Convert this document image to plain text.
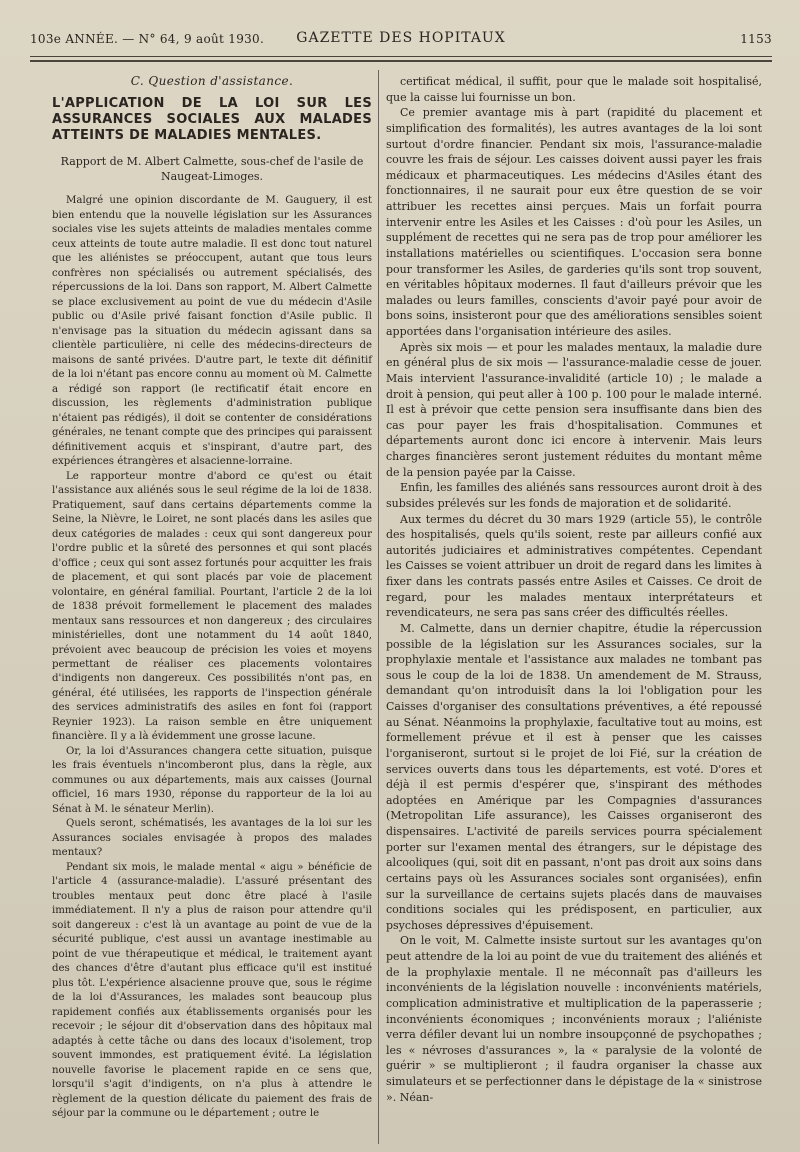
103e ANNÉE. — N° 64, 9 août 1930.	GAZETTE DES HOPITAUX	1153
C. Question d'assistance.
L'APPLICATION DE LA LOI SUR LES ASSURANCES SOCIALES AUX MALADES ATTEINTS DE MALADIES MENTALES.
Rapport de M. Albert Calmette, sous-chef de l'asile de Naugeat-Limoges.

Malgré une opinion discordante de M. Gauguery, il est bien entendu que la nouvelle législation sur les Assurances sociales vise les sujets atteints de maladies mentales comme ceux atteints de toute autre maladie. Il est donc tout naturel que les aliénistes se préoccupent, autant que tous leurs confrères non spécialisés ou autrement spécialisés, des répercussions de la loi. Dans son rapport, M. Albert Calmette se place exclusivement au point de vue du médecin d'Asile public ou d'Asile privé faisant fonction d'Asile public. Il n'envisage pas la situation du médecin agissant dans sa clientèle particulière, ni celle des médecins-directeurs de maisons de santé privées. D'autre part, le texte dit définitif de la loi n'étant pas encore connu au moment où M. Calmette a rédigé son rapport (le rectificatif était encore en discussion, les règlements d'administration publique n'étaient pas rédigés), il doit se contenter de considérations générales, ne tenant compte que des principes qui paraissent définitivement acquis et s'inspirant, d'autre part, des expériences étrangères et alsacienne-lorraine.

Le rapporteur montre d'abord ce qu'est ou était l'assistance aux aliénés sous le seul régime de la loi de 1838. Pratiquement, sauf dans certains départements comme la Seine, la Nièvre, le Loiret, ne sont placés dans les asiles que deux catégories de malades : ceux qui sont dangereux pour l'ordre public et la sûreté des personnes et qui sont placés d'office ; ceux qui sont assez fortunés pour acquitter les frais de placement, et qui sont placés par voie de placement volontaire, en général familial. Pourtant, l'article 2 de la loi de 1838 prévoit formellement le placement des malades mentaux sans ressources et non dangereux ; des circulaires ministérielles, dont une notamment du 14 août 1840, prévoient avec beaucoup de précision les voies et moyens permettant de réaliser ces placements volontaires d'indigents non dangereux. Ces possibilités n'ont pas, en général, été utilisées, les rapports de l'inspection générale des services administratifs des asiles en font foi (rapport Reynier 1923). La raison semble en être uniquement financière. Il y a là évidemment une grosse lacune.

Or, la loi d'Assurances changera cette situation, puisque les frais éventuels n'incomberont plus, dans la règle, aux communes ou aux départements, mais aux caisses (Journal officiel, 16 mars 1930, réponse du rapporteur de la loi au Sénat à M. le sénateur Merlin).

Quels seront, schématisés, les avantages de la loi sur les Assurances sociales envisagée à propos des malades mentaux?

Pendant six mois, le malade mental « aigu » bénéficie de l'article 4 (assurance-maladie). L'assuré présentant des troubles mentaux peut donc être placé à l'asile immédiatement. Il n'y a plus de raison pour attendre qu'il soit dangereux : c'est là un avantage au point de vue de la sécurité publique, c'est aussi un avantage inestimable au point de vue thérapeutique et médical, le traitement ayant des chances d'être d'autant plus efficace qu'il est institué plus tôt. L'expérience alsacienne prouve que, sous le régime de la loi d'Assurances, les malades sont beaucoup plus rapidement confiés aux établissements organisés pour les recevoir ; le séjour dit d'observation dans des hôpitaux mal adaptés à cette tâche ou dans des locaux d'isolement, trop souvent immondes, est pratiquement évité. La législation nouvelle favorise le placement rapide en ce sens que, lorsqu'il s'agit d'indigents, on n'a plus à attendre le règlement de la question délicate du paiement des frais de séjour par la commune ou le département ; outre le

certificat médical, il suffit, pour que le malade soit hospitalisé, que la caisse lui fournisse un bon.

Ce premier avantage mis à part (rapidité du placement et simplification des formalités), les autres avantages de la loi sont surtout d'ordre financier. Pendant six mois, l'assurance-maladie couvre les frais de séjour. Les caisses doivent aussi payer les frais médicaux et pharmaceutiques. Les médecins d'Asiles étant des fonctionnaires, il ne saurait pour eux être question de se voir attribuer les recettes ainsi perçues. Mais un forfait pourra intervenir entre les Asiles et les Caisses : d'où pour les Asiles, un supplément de recettes qui ne sera pas de trop pour améliorer les installations matérielles ou scientifiques. L'occasion sera bonne pour transformer les Asiles, de garderies qu'ils sont trop souvent, en véritables hôpitaux modernes. Il faut d'ailleurs prévoir que les malades ou leurs familles, conscients d'avoir payé pour avoir de bons soins, insisteront pour que des améliorations sensibles soient apportées dans l'organisation intérieure des asiles.

Après six mois — et pour les malades mentaux, la maladie dure en général plus de six mois — l'assurance-maladie cesse de jouer. Mais intervient l'assurance-invalidité (article 10) ; le malade a droit à pension, qui peut aller à 100 p. 100 pour le malade interné. Il est à prévoir que cette pension sera insuffisante dans bien des cas pour payer les frais d'hospitalisation. Communes et départements auront donc ici encore à intervenir. Mais leurs charges financières seront justement réduites du montant même de la pension payée par la Caisse.

Enfin, les familles des aliénés sans ressources auront droit à des subsides prélevés sur les fonds de majoration et de solidarité.

Aux termes du décret du 30 mars 1929 (article 55), le contrôle des hospitalisés, quels qu'ils soient, reste par ailleurs confié aux autorités judiciaires et administratives compétentes. Cependant les Caisses se voient attribuer un droit de regard dans les limites à fixer dans les contrats passés entre Asiles et Caisses. Ce droit de regard, pour les malades mentaux interprétateurs et revendicateurs, ne sera pas sans créer des difficultés réelles.

M. Calmette, dans un dernier chapitre, étudie la répercussion possible de la législation sur les Assurances sociales, sur la prophylaxie mentale et l'assistance aux malades ne tombant pas sous le coup de la loi de 1838. Un amendement de M. Strauss, demandant qu'on introduisît dans la loi l'obligation pour les Caisses d'organiser des consultations préventives, a été repoussé au Sénat. Néanmoins la prophylaxie, facultative tout au moins, est formellement prévue et il est à penser que les caisses l'organiseront, surtout si le projet de loi Fié, sur la création de services ouverts dans tous les départements, est voté. D'ores et déjà il est permis d'espérer que, s'inspirant des méthodes adoptées en Amérique par les Compagnies d'assurances (Metropolitan Life assurance), les Caisses organiseront des dispensaires. L'activité de pareils services pourra spécialement porter sur l'examen mental des étrangers, sur le dépistage des alcooliques (qui, soit dit en passant, n'ont pas droit aux soins dans certains pays où les Assurances sociales sont organisées), enfin sur la surveillance de certains sujets placés dans de mauvaises conditions sociales qui les prédisposent, en particulier, aux psychoses dépressives d'épuisement.

On le voit, M. Calmette insiste surtout sur les avantages qu'on peut attendre de la loi au point de vue du traitement des aliénés et de la prophylaxie mentale. Il ne méconnaît pas d'ailleurs les inconvénients de la législation nouvelle : inconvénients matériels, complication administrative et multiplication de la paperasserie ; inconvénients économiques ; inconvénients moraux ; l'aliéniste verra défiler devant lui un nombre insoupçonné de psychopathes ; les « névroses d'assurances », la « paralysie de la volonté de guérir » se multiplieront ; il faudra organiser la chasse aux simulateurs et se perfectionner dans le dépistage de la « sinistrose ». Néan-
